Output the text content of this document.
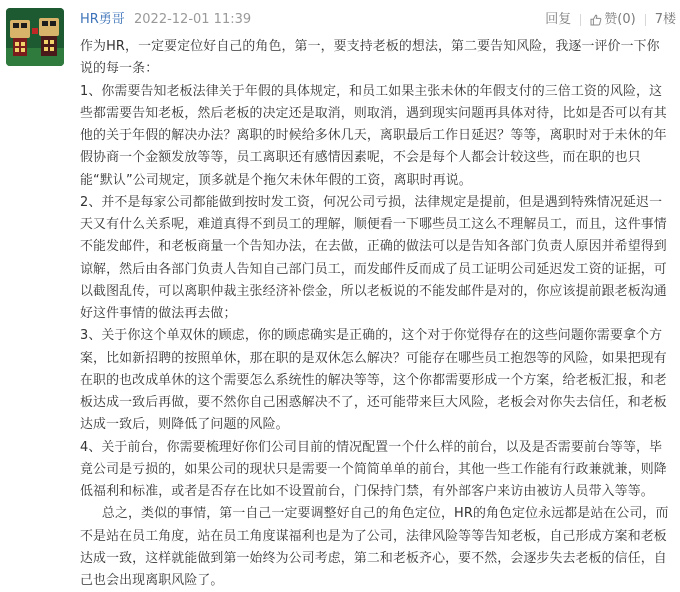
HR勇哥 2022-12-01 11:39	回复	赞(0) 7楼

作为HR，一定要定位好自己的角色，第一，要支持老板的想法，第二要告知风险，我逐一评价一下你说的每一条：

1、你需要告知老板法律关于年假的具体规定，和员工如果主张未休的年假支付的三倍工资的风险，这些都需要告知老板，然后老板的决定还是取消，则取消，遇到现实问题再具体对待，比如是否可以有其他的关于年假的解决办法？离职的时候给多休几天，离职最后工作日延迟？等等，离职时对于未休的年假协商一个金额发放等等，员工离职还有感情因素呢，不会是每个人都会计较这些，而在职的也只能“默认”公司规定，顶多就是个拖欠未休年假的工资，离职时再说。

2、并不是每家公司都能做到按时发工资，何况公司亏损，法律规定是提前，但是遇到特殊情况延迟一天又有什么关系呢，难道真得不到员工的理解，顺便看一下哪些员工这么不理解员工，而且，这件事情不能发邮件，和老板商量一个告知办法，在去做，正确的做法可以是告知各部门负责人原因并希望得到谅解，然后由各部门负责人告知自己部门员工，而发邮件反而成了员工证明公司延迟发工资的证据，可以截图乱传，可以离职仲裁主张经济补偿金，所以老板说的不能发邮件是对的，你应该提前跟老板沟通好这件事情的做法再去做；

3、关于你这个单双休的顾虑，你的顾虑确实是正确的，这个对于你觉得存在的这些问题你需要拿个方案，比如新招聘的按照单休，那在职的是双休怎么解决？可能存在哪些员工抱怨等的风险，如果把现有在职的也改成单休的这个需要怎么系统性的解决等等，这个你都需要形成一个方案，给老板汇报，和老板达成一致后再做，要不然你自己困惑解决不了，还可能带来巨大风险，老板会对你失去信任，和老板达成一致后，则降低了问题的风险。

4、关于前台，你需要梳理好你们公司目前的情况配置一个什么样的前台，以及是否需要前台等等，毕竟公司是亏损的，如果公司的现状只是需要一个简简单单的前台，其他一些工作能有行政兼就兼，则降低福利和标准，或者是否存在比如不设置前台，门保持门禁，有外部客户来访由被访人员带入等等。

总之，类似的事情，第一自己一定要调整好自己的角色定位，HR的角色定位永远都是站在公司，而不是站在员工角度，站在员工角度谋福利也是为了公司，法律风险等等告知老板，自己形成方案和老板达成一致，这样就能做到第一始终为公司考虑，第二和老板齐心，要不然，会逐步失去老板的信任，自己也会出现离职风险了。
